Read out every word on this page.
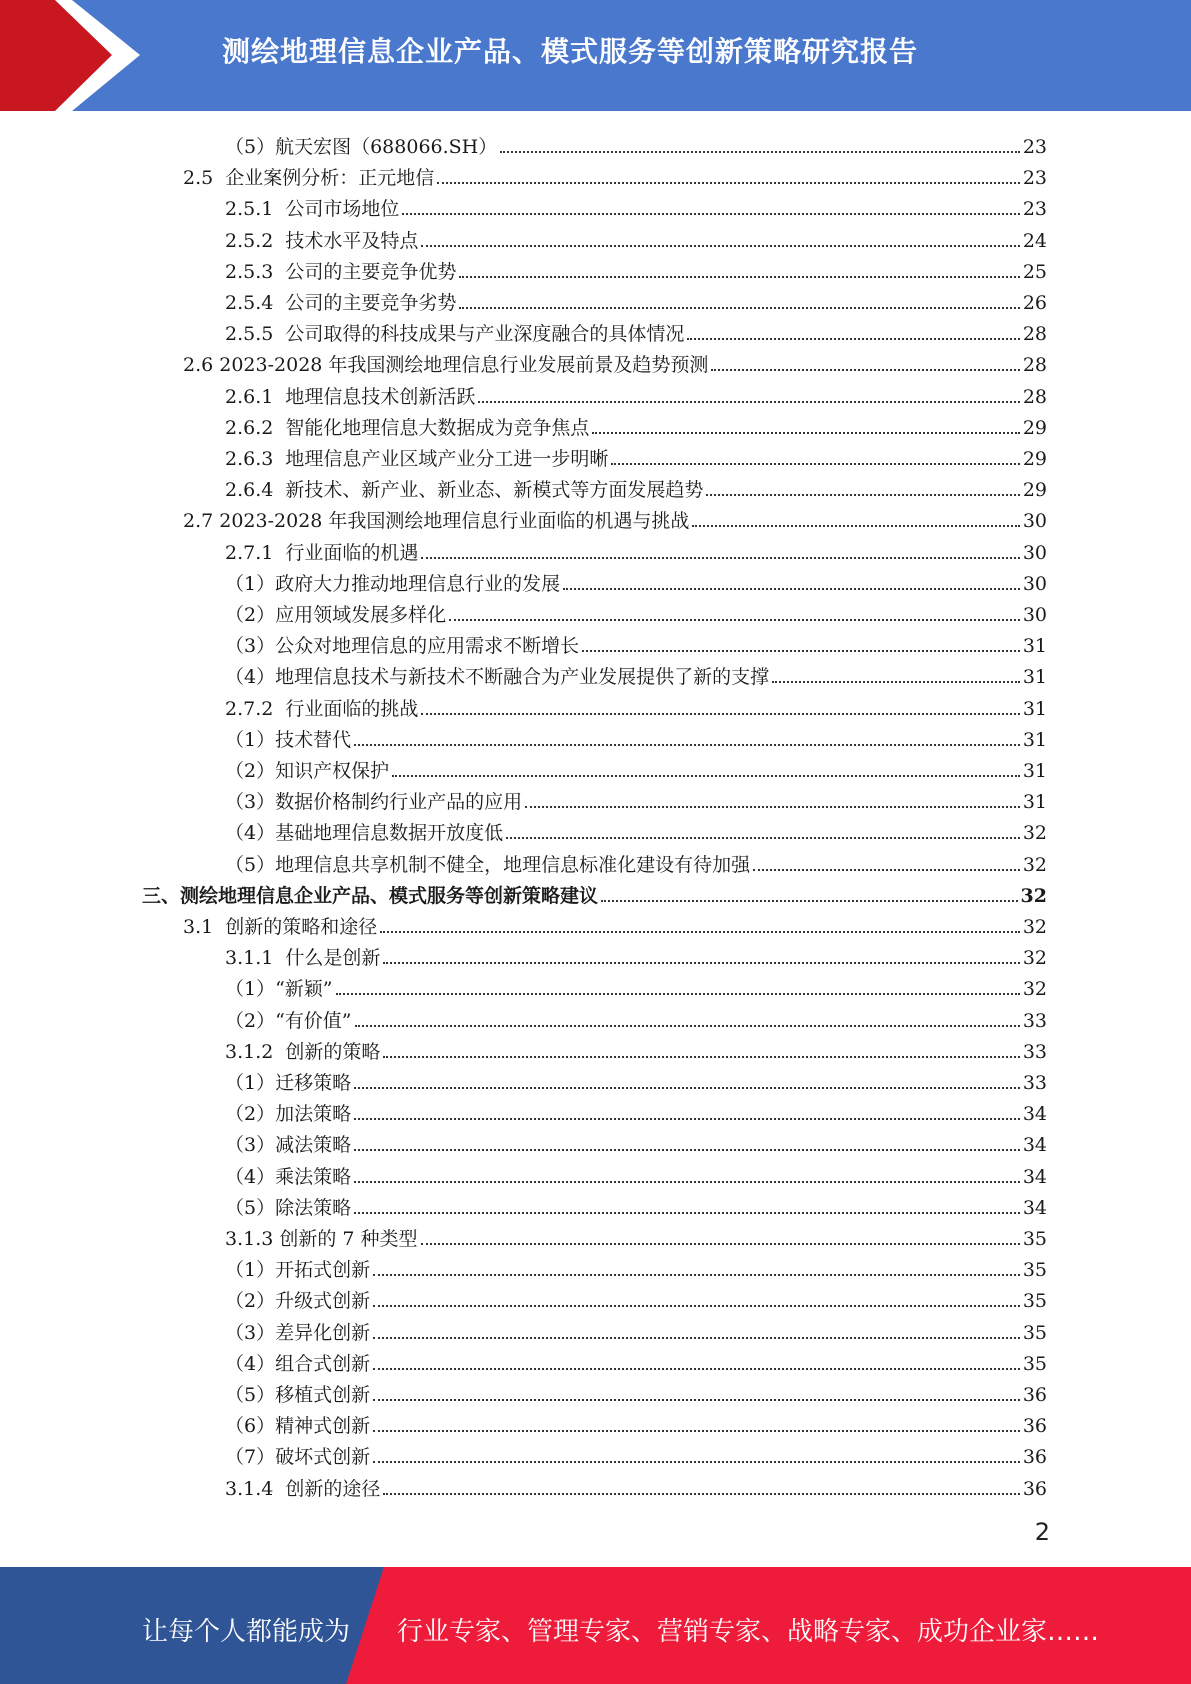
测绘地理信息企业产品、模式服务等创新策略研究报告
（5）航天宏图（688066.SH）	23
2.5  企业案例分析：正元地信	23
2.5.1  公司市场地位	23
2.5.2  技术水平及特点	24
2.5.3  公司的主要竞争优势	25
2.5.4  公司的主要竞争劣势	26
2.5.5  公司取得的科技成果与产业深度融合的具体情况	28
2.6 2023-2028 年我国测绘地理信息行业发展前景及趋势预测	28
2.6.1  地理信息技术创新活跃	28
2.6.2  智能化地理信息大数据成为竞争焦点	29
2.6.3  地理信息产业区域产业分工进一步明晰	29
2.6.4  新技术、新产业、新业态、新模式等方面发展趋势	29
2.7 2023-2028 年我国测绘地理信息行业面临的机遇与挑战	30
2.7.1  行业面临的机遇	30
（1）政府大力推动地理信息行业的发展	30
（2）应用领域发展多样化	30
（3）公众对地理信息的应用需求不断增长	31
（4）地理信息技术与新技术不断融合为产业发展提供了新的支撑	31
2.7.2  行业面临的挑战	31
（1）技术替代	31
（2）知识产权保护	31
（3）数据价格制约行业产品的应用	31
（4）基础地理信息数据开放度低	32
（5）地理信息共享机制不健全，地理信息标准化建设有待加强	32
三、测绘地理信息企业产品、模式服务等创新策略建议	32
3.1  创新的策略和途径	32
3.1.1  什么是创新	32
（1）“新颖”	32
（2）“有价值”	33
3.1.2  创新的策略	33
（1）迁移策略	33
（2）加法策略	34
（3）减法策略	34
（4）乘法策略	34
（5）除法策略	34
3.1.3 创新的 7 种类型	35
（1）开拓式创新	35
（2）升级式创新	35
（3）差异化创新	35
（4）组合式创新	35
（5）移植式创新	36
（6）精神式创新	36
（7）破坏式创新	36
3.1.4  创新的途径	36
2
让每个人都能成为 行业专家、管理专家、营销专家、战略专家、成功企业家……
